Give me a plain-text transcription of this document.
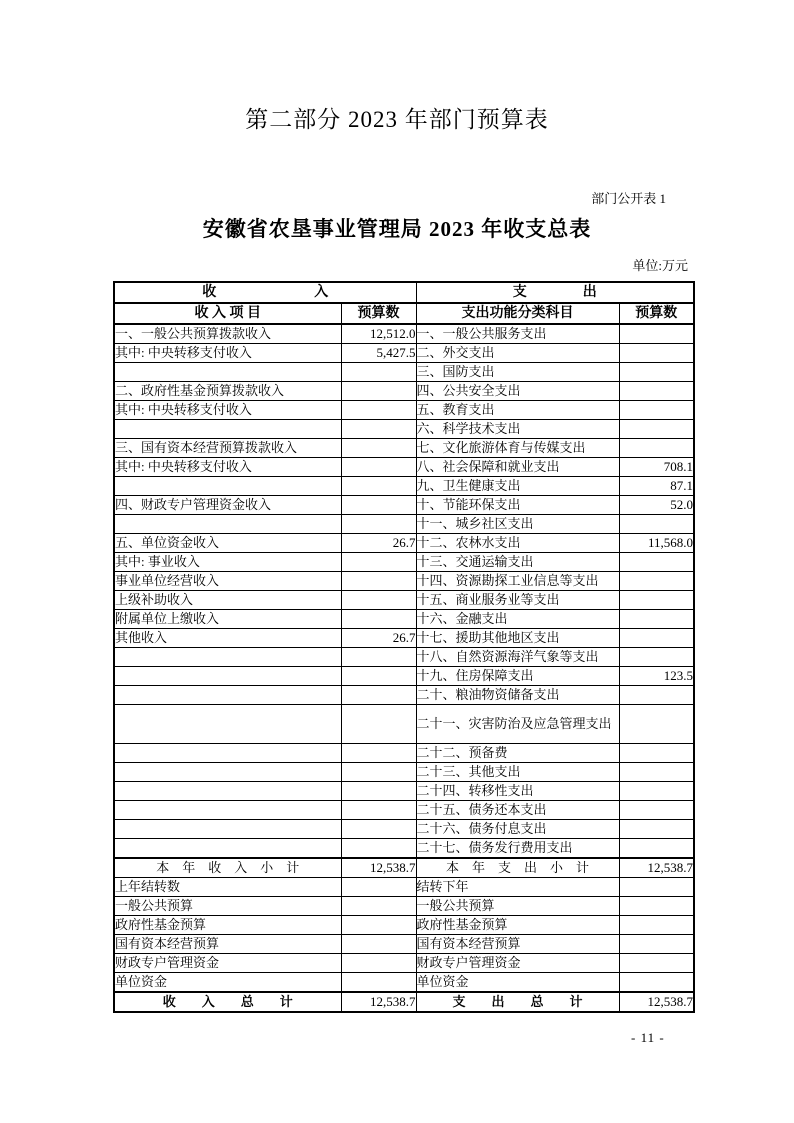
第二部分 2023 年部门预算表
部门公开表 1
安徽省农垦事业管理局 2023 年收支总表
单位:万元
收　　　　　　　入		支　　　　出	
收 入 项 目	预算数	支出功能分类科目	预算数
一、一般公共预算拨款收入	12,512.0	一、一般公共服务支出	
其中: 中央转移支付收入	5,427.5	二、外交支出	
		三、国防支出	
二、政府性基金预算拨款收入		四、公共安全支出	
其中: 中央转移支付收入		五、教育支出	
		六、科学技术支出	
三、国有资本经营预算拨款收入		七、文化旅游体育与传媒支出	
其中: 中央转移支付收入		八、社会保障和就业支出	708.1
		九、卫生健康支出	87.1
四、财政专户管理资金收入		十、节能环保支出	52.0
		十一、城乡社区支出	
五、单位资金收入	26.7	十二、农林水支出	11,568.0
其中: 事业收入		十三、交通运输支出	
事业单位经营收入		十四、资源勘探工业信息等支出	
上级补助收入		十五、商业服务业等支出	
附属单位上缴收入		十六、金融支出	
其他收入	26.7	十七、援助其他地区支出	
		十八、自然资源海洋气象等支出	
		十九、住房保障支出	123.5
		二十、粮油物资储备支出	
		二十一、灾害防治及应急管理支出	
		二十二、预备费	
		二十三、其他支出	
		二十四、转移性支出	
		二十五、债务还本支出	
		二十六、债务付息支出	
		二十七、债务发行费用支出	
本　年　收　入　小　计	12,538.7	本　年　支　出　小　计	12,538.7
上年结转数		结转下年	
一般公共预算		一般公共预算	
政府性基金预算		政府性基金预算	
国有资本经营预算		国有资本经营预算	
财政专户管理资金		财政专户管理资金	
单位资金		单位资金	
收　　入　　总　　计	12,538.7	支　　出　　总　　计	12,538.7
- 11 -
